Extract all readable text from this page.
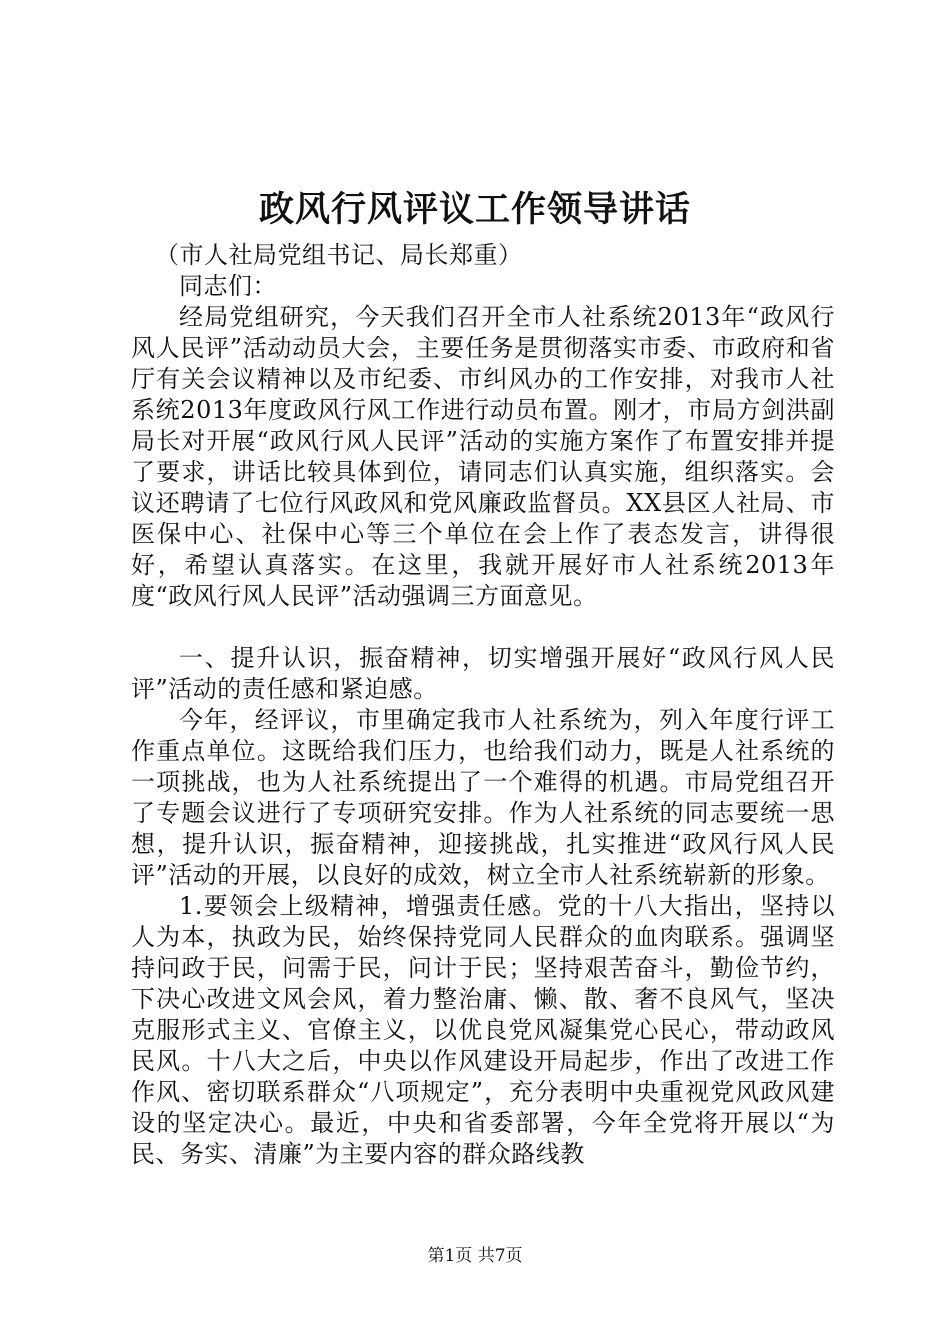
政风行风评议工作领导讲话

（市人社局党组书记、局长郑重）

同志们：

经局党组研究，今天我们召开全市人社系统2013年“政风行风人民评”活动动员大会，主要任务是贯彻落实市委、市政府和省厅有关会议精神以及市纪委、市纠风办的工作安排，对我市人社系统2013年度政风行风工作进行动员布置。刚才，市局方剑洪副局长对开展“政风行风人民评”活动的实施方案作了布置安排并提了要求，讲话比较具体到位，请同志们认真实施，组织落实。会议还聘请了七位行风政风和党风廉政监督员。XX县区人社局、市医保中心、社保中心等三个单位在会上作了表态发言，讲得很好，希望认真落实。在这里，我就开展好市人社系统2013年度“政风行风人民评”活动强调三方面意见。

一、提升认识，振奋精神，切实增强开展好“政风行风人民评”活动的责任感和紧迫感。

今年，经评议，市里确定我市人社系统为，列入年度行评工作重点单位。这既给我们压力，也给我们动力，既是人社系统的一项挑战，也为人社系统提出了一个难得的机遇。市局党组召开了专题会议进行了专项研究安排。作为人社系统的同志要统一思想，提升认识，振奋精神，迎接挑战，扎实推进“政风行风人民评”活动的开展，以良好的成效，树立全市人社系统崭新的形象。

1.要领会上级精神，增强责任感。党的十八大指出，坚持以人为本，执政为民，始终保持党同人民群众的血肉联系。强调坚持问政于民，问需于民，问计于民；坚持艰苦奋斗，勤俭节约，下决心改进文风会风，着力整治庸、懒、散、奢不良风气，坚决克服形式主义、官僚主义，以优良党风凝集党心民心，带动政风民风。十八大之后，中央以作风建设开局起步，作出了改进工作作风、密切联系群众“八项规定”，充分表明中央重视党风政风建设的坚定决心。最近，中央和省委部署，今年全党将开展以“为民、务实、清廉”为主要内容的群众路线教

第1页 共7页
